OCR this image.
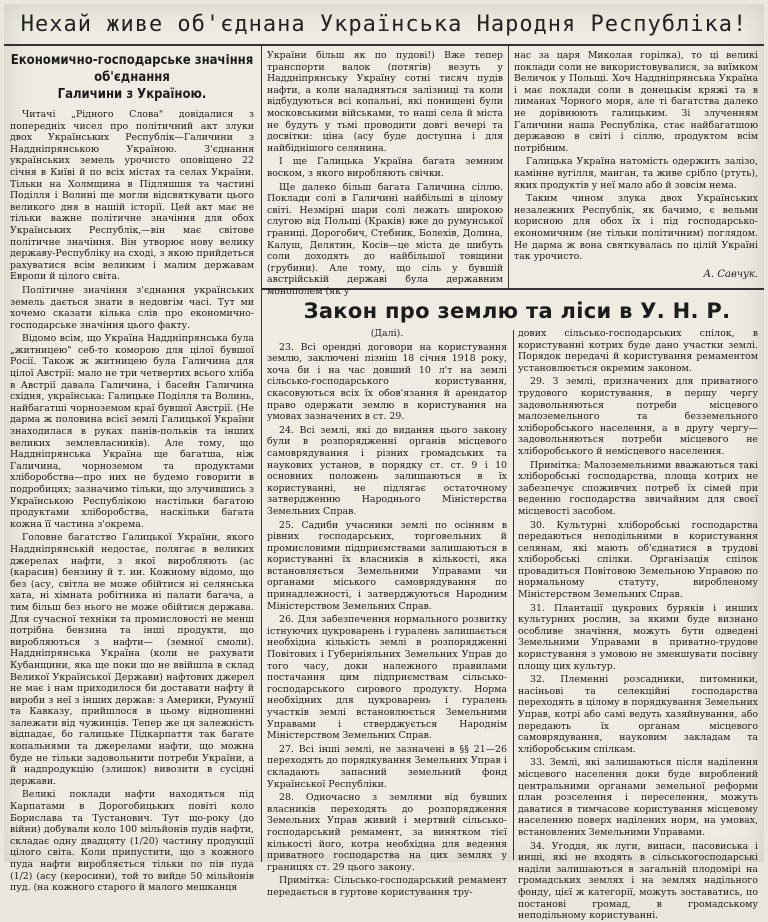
Нехай живе об'єднана Українська Народня Республіка!
Економично-господарське значіння об'єднання
Галичини з Україною.

Читачі „Рідного Слова" довідалися з попередніх чисел про політичний акт злуки двох Українських Республік—Галичини з Наддніпрянською Україною. З'єднання українських земель урочисто оповіщено 22 січня в Київі й по всіх містах та селах України. Тільки на Холмщина в Підляшшя та частині Поділля і Волині ще могли відсвяткувати цього великого дня в нашій історії. Цей акт має не тільки важне політичне значіння для обох Українських Республік,—він має світове політичне значіння. Він утворює нову велику державу-Республіку на сході, з якою прийдеться рахуватися всім великим і малим державам Европи й цілого світа.

Політичне значіння з'єднання українських земель дається знати в недовгім часі. Тут ми хочемо сказати кілька слів про економично-господарське значіння цього факту.

Відомо всім, що Україна Наддніпрянська була „житницею" себ-то коморою для цілої бувшої Росії. Також ж житницею була Галичина для цілої Австрії: мало не три четвертих всього хліба в Австрії давала Галичина, і басейн Галичина східня, українська: Галицьке Поділля та Волинь, найбагатші чорноземом краї бувшої Австрії. (Не дарма ж половина всієї землі Галицької України знаходилася в руках панів-польків та інших великих землевласників). Але тому, що Наддніпрянська Україна ще багатша, ніж Галичина, чорноземом та продуктами хліборобства—про них не будемо говорити в подробицях; зазначимо тільки, що злучившись з Українською Республікою настільки багатою продуктами хліборобства, наскільки багата кожна її частина з'окрема.

Головне багатство Галицької України, якого Наддніпрянській недостає, полягає в великих джерелах нафти, з якої виробляють (ас (карасин) бензину й т. ин. Кожному відомо, що без (асу, світла не може обійтися ні селянська хата, ні хімната робітника ні палати багача, а тим більш без нього не може обійтися держава. Для сучасної техніки та промисловості не менш потрібна бензина та інші продукти, що виробляються з нафти— (земної смоли). Наддніпрянська Україна (коли не рахувати Кубанщини, яка ще поки що не ввійшла в склад Великої Української Держави) нафтових джерел не має і нам приходилося би доставати нафту й вироби з неї з інших держав: з Америки, Румунії та Кавказу, прийшлося в цьому відношенні залежати від чужинців. Тепер же ця залежність відпадає, бо галицьке Підкарпаття так багате копальнями та джерелами нафти, що можна буде не тільки задовольнити потреби України, а й надпродукцію (злишок) вивозити в сусідні держави.

Великі поклади нафти находяться під Карпатами в Дорогобицьких повіті коло Борислава та Тустанович. Тут що-року (до війни) добували коло 100 мільйонів пудів нафти, складає одну двадцяту (1/20) частину продукції цілого світа. Коли припустити, що з кожного пуда нафти виробляється тільки по пів пуда (1/2) (асу (керосини), той то вийде 50 мільйонів пуд. (на кожного старого й малого мешканця

України більш як по пудові!) Вже тепер транспорти валок (потягів) везуть у Наддніпрянську Україну сотні тисяч пудів нафти, а коли наладняться залізниці та коли відбудуються всі копальні, які понищені були московськими військами, то наші села й міста не будуть у тьмі проводити довгі вечері та досвітки: ціна (асу буде доступна і для найбіднішого селянина.

І ще Галицька Україна багата земним воском, з якого виробляють свічки.

Ще далеко більш багата Галичина сіллю. Поклади солі в Галичині найбільші в цілому світі. Незмірні шари солі лежать широкою слугою від Польщі (Краків) вже до румунської границі. Дорогобич, Стебник, Болехів, Долина, Калуш, Делятин, Косів—це міста де шибуть соли доходять до найбільшої товщини (грубини). Але тому, що сіль у бувшій австрійській державі була державним монополем (як у

нас за царя Миколая горілка), то ці великі поклади соли не використовувалися, за виїмком Величок у Польщі. Хоч Наддніпрянська Україна і має поклади соли в донецькім кряжі та в лиманах Чорного моря, але ті багатства далеко не дорівнюють галицьким. Зі злученням Галичини наша Республіка, стає найбагатшою державою в світі і сіллю, продуктом всім потрібним.

Галицька Україна натомість одержить залізо, камінне вугілля, манган, та живе срібло (ртуть), яких продуктів у неї мало або й зовсім нема.

Таким чином злука двох Українських незалежних Республік, як бачимо, є вельми корисною для обох їх і під господарсько-економичним (не тільки політичним) поглядом. Не дарма ж вона святкувалась по цілій Україні так урочисто.

А. Савчук.
Закон про землю та ліси в У. Н. Р.
(Далі).

23. Всі орендні договори на користування землю, заключені пізніш 18 січня 1918 року, хоча би і на час довший 10 л'т на землі сільсько-господарського користування, скасовуються всіх їх обов'язання й арендатор право одержати землю в користування на умовах зазначених в ст. 29.

24. Всі землі, які до видання цього закону були в розпорядженні органів місцевого самоврядування і різних громадських та наукових установ, в порядку ст. ст. 9 і 10 основних положень залишаються в їх користуванні, не підлягає остаточному затвердженню Народнього Міністерства Земельних Справ.

25. Садиби учасники землі по осінням в рівних господарських, торговельних й промисловими підприємствами залишаються в користуванні їх власників в кількості, яка встановляється Земельними Управами чи органами міського самоврядування по принадлежності, і затверджуються Народним Міністерством Земельних Справ.

26. Для забезпечення нормального розвитку істнуючих цукроварень і гуралень залишається необхідна кількість землі в розпорядженні Повітових і Губерніяльних Земельних Управ до того часу, доки належного правилами постачання цим підприємствам сільсько-господарського сирового продукту. Норма необхідних для цукроварень і гуралень участків землі встановлюється Земельними Управами і стверджується Народнім Міністерством Земельних Справ.

27. Всі інші землі, не зазначені в §§ 21—26 переходять до порядкування Земельних Управ і складають запасний земельний фонд Української Республіки.

28. Одночасно з землями від бувших власників переходять до розпорядження Земельних Управ живий і мертвий сільсько-господарський ремамент, за винятком тієї кількості його, котра необхідна для ведення приватного господарства на цих землях у границях ст. 29 цього закону.

Примітка: Сільсько-господарський ремамент передається в гуртове користування тру-

дових сільсько-господарських спілок, в користуванні котрих буде дано участки землі. Порядок передачі й користування ремаментом установлюється окремим законом.

29. З землі, призначених для приватного трудового користування, в першу чергу задовольняються потреби місцевого малоземельного та безземельного хліборобського населення, а в другу чергу—задовольняються потреби місцевого не хліборобського й немісцевого населення.

Примітка: Малоземельними вважаються такі хліборобські господарства, площа котрих не забезпечує споживчих потреб їх сімей при веденню господарства звичайним для своєї місцевості засобом.

30. Культурні хліборобські господарства передаються неподільними в користування селянам, які мають об'єднатися в трудові хліборобські спілки. Організація спілок провадиться Повітовою Земельною Управою по нормальному статуту, виробленому Міністерством Земельних Справ.

31. Плантації цукрових буряків і инших культурних рослин, за якими буде визнано особливе значіння, можуть бути одведені Земельними Управами в приватно-трудове користування з умовою не зменшувати посівну площу цих культур.

32. Племенні розсадники, питомники, насіньові та селекційні господарства переходять в цілому в порядкування Земельних Управ, котрі або самі ведуть хазяйнування, або передають їх органам місцевого самоврядування, науковим закладам та хліборобським спілкам.

33. Землі, які залишаються після наділення місцевого населення доки буде вироблений центральними органами земельної реформи план розселення і переселення, можуть даватися в тимчасове користування місцевому населенню поверх наділених норм, на умовах, встановлених Земельними Управами.

34. Угоддя, як луги, випаси, пасовиська і инші, які не входять в сільськогосподарські наділи залишаються в загальній плодомірі на громадських землях і на землях надільного фонду, цієї ж категорії, можуть зоставатись, по постанові громад, в громадському неподільному користуванні.
